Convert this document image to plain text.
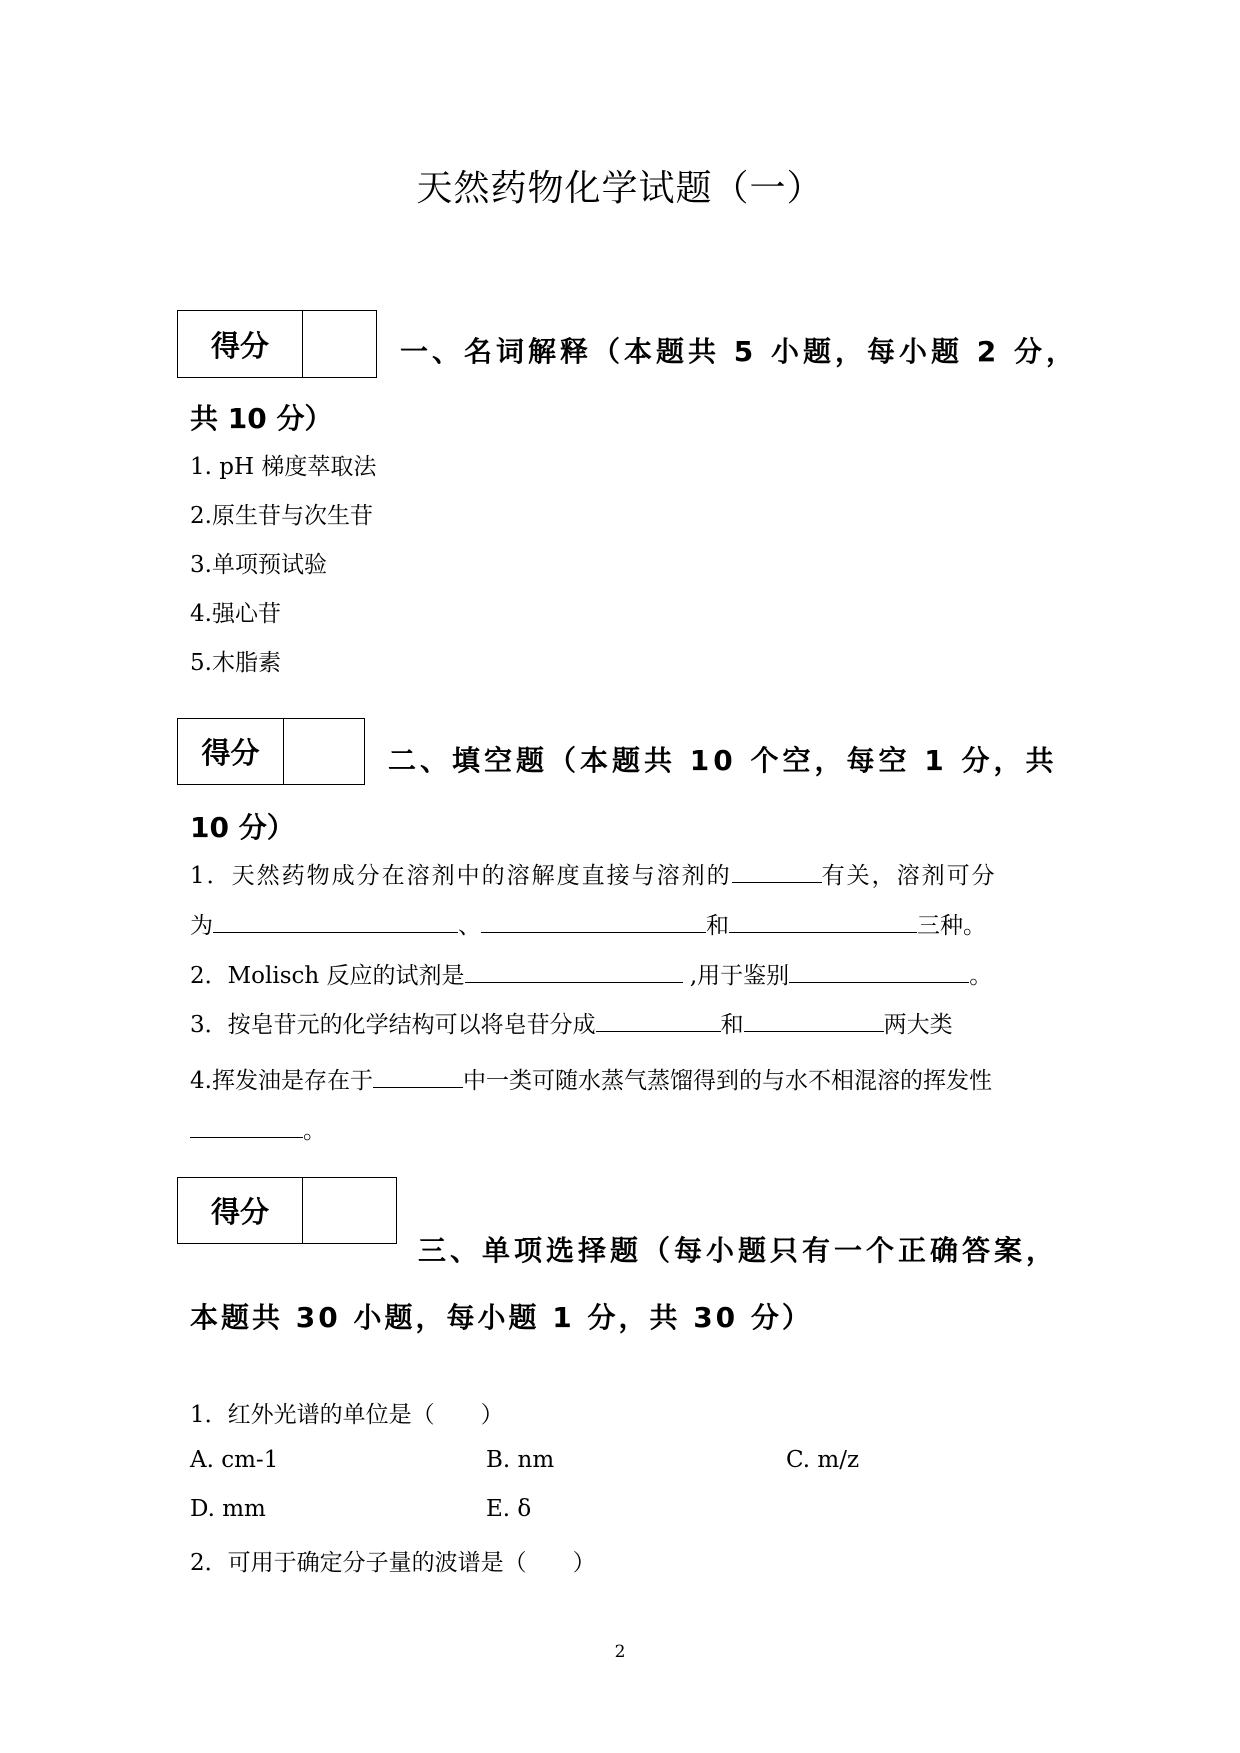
天然药物化学试题（一）
得分	一、名词解释（本题共 5 小题，每小题 2 分，
共 10 分）
1. pH 梯度萃取法
2.原生苷与次生苷
3.单项预试验
4.强心苷
5.木脂素
得分	二、填空题（本题共 10 个空，每空 1 分，共
10 分）
1．天然药物成分在溶剂中的溶解度直接与溶剂的	有关，溶剂可分
为	、	和	三种。
2．Molisch 反应的试剂是	,用于鉴别	。
3．按皂苷元的化学结构可以将皂苷分成	和	两大类
4.挥发油是存在于	中一类可随水蒸气蒸馏得到的与水不相混溶的挥发性
。
得分
三、单项选择题（每小题只有一个正确答案，
本题共 30 小题，每小题 1 分，共 30 分）
1．红外光谱的单位是（　　）
A. cm-1	B. nm	C. m/z
D. mm	E. δ
2．可用于确定分子量的波谱是（　　）
2
